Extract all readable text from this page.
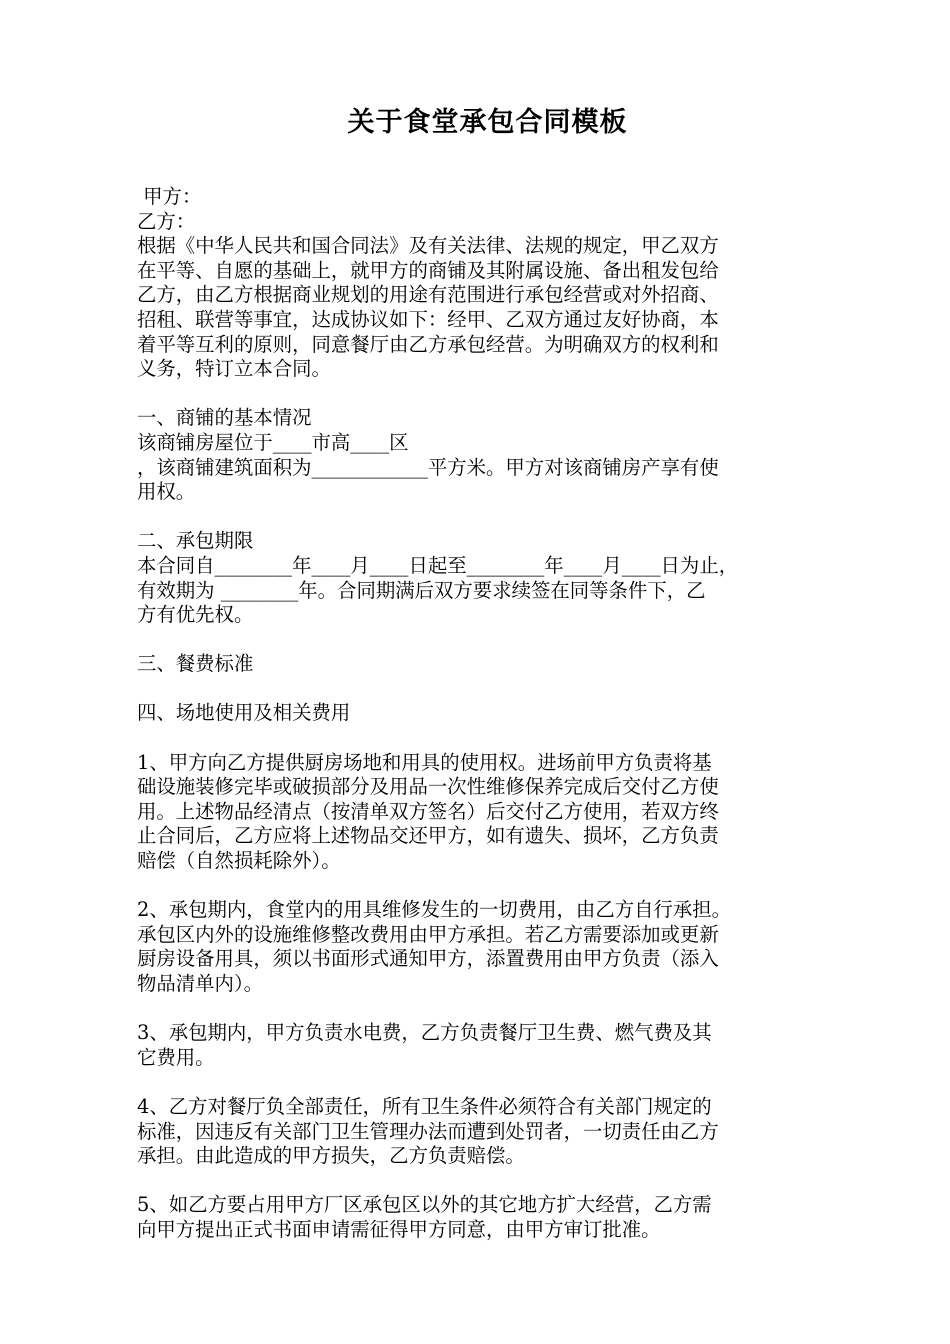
关于食堂承包合同模板

甲方：

乙方：

根据《中华人民共和国合同法》及有关法律、法规的规定，甲乙双方
在平等、自愿的基础上，就甲方的商铺及其附属设施、备出租发包给
乙方，由乙方根据商业规划的用途有范围进行承包经营或对外招商、
招租、联营等事宜，达成协议如下：经甲、乙双方通过友好协商，本
着平等互利的原则，同意餐厅由乙方承包经营。为明确双方的权利和
义务，特订立本合同。

一、商铺的基本情况

该商铺房屋位于____市高____区
，该商铺建筑面积为____________平方米。甲方对该商铺房产享有使
用权。

二、承包期限

本合同自________年____月____日起至________年____月____日为止，
有效期为 ________年。合同期满后双方要求续签在同等条件下，乙
方有优先权。

三、餐费标准

四、场地使用及相关费用

1、甲方向乙方提供厨房场地和用具的使用权。进场前甲方负责将基
础设施装修完毕或破损部分及用品一次性维修保养完成后交付乙方使
用。上述物品经清点（按清单双方签名）后交付乙方使用，若双方终
止合同后，乙方应将上述物品交还甲方，如有遗失、损坏，乙方负责
赔偿（自然损耗除外）。
2、承包期内，食堂内的用具维修发生的一切费用，由乙方自行承担。
承包区内外的设施维修整改费用由甲方承担。若乙方需要添加或更新
厨房设备用具，须以书面形式通知甲方，添置费用由甲方负责（添入
物品清单内）。
3、承包期内，甲方负责水电费，乙方负责餐厅卫生费、燃气费及其
它费用。
4、乙方对餐厅负全部责任，所有卫生条件必须符合有关部门规定的
标准，因违反有关部门卫生管理办法而遭到处罚者，一切责任由乙方
承担。由此造成的甲方损失，乙方负责赔偿。
5、如乙方要占用甲方厂区承包区以外的其它地方扩大经营，乙方需
向甲方提出正式书面申请需征得甲方同意，由甲方审订批准。
